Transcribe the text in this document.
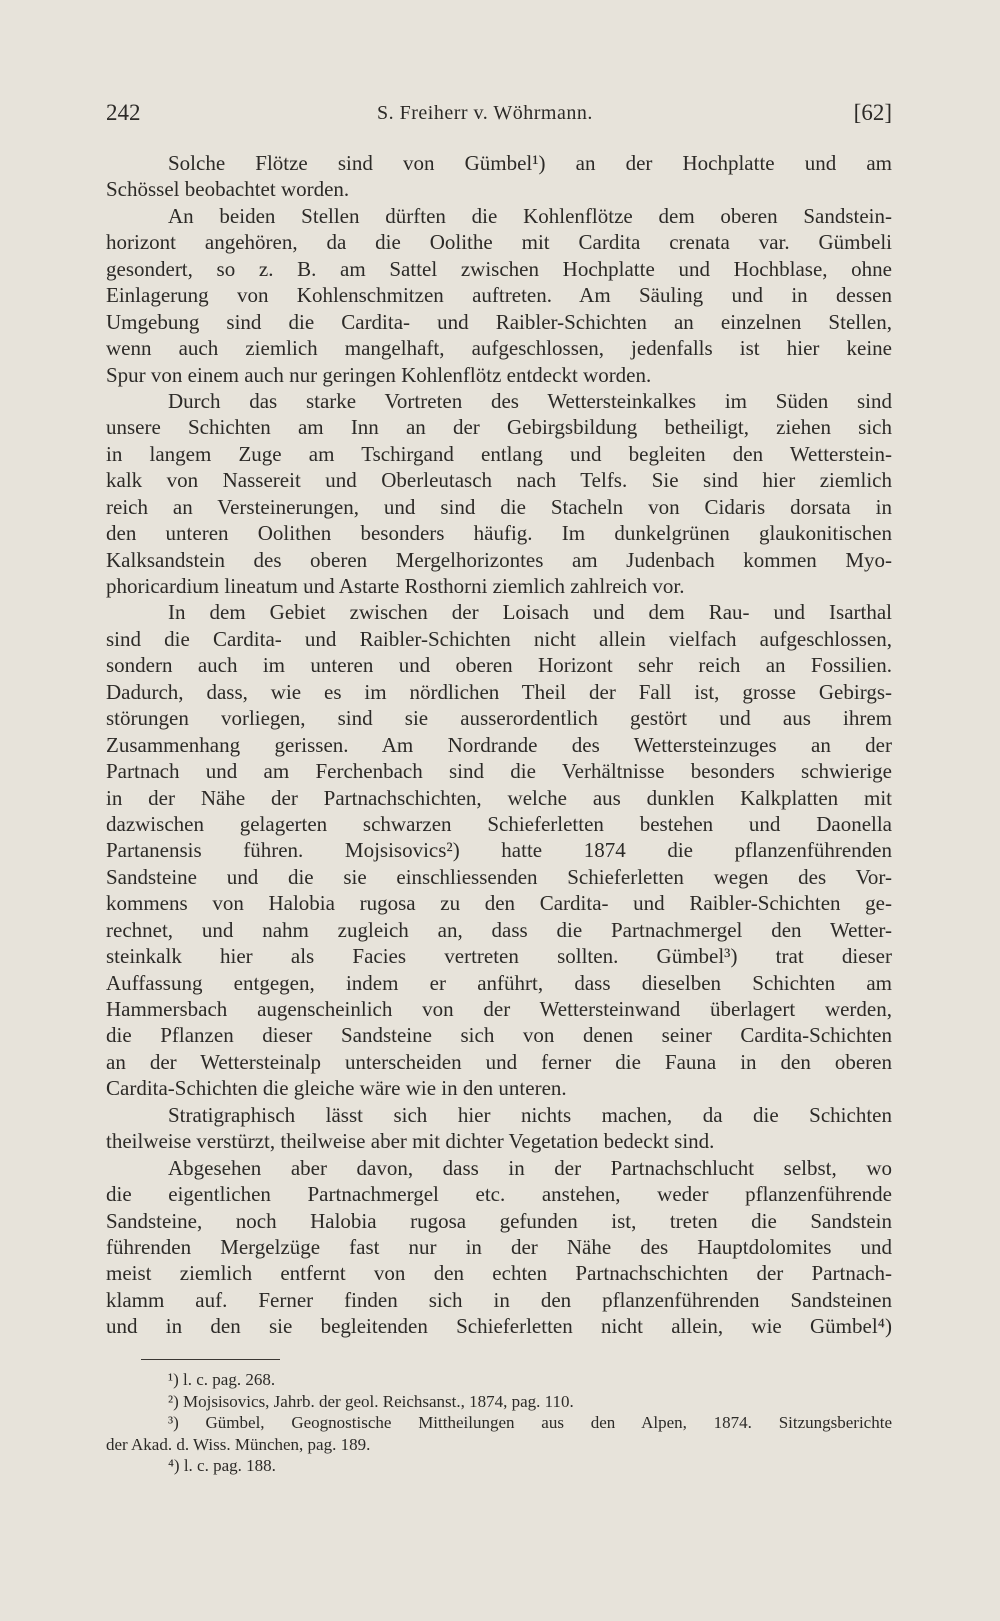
242	S. Freiherr v. Wöhrmann.	[62]
Solche Flötze sind von Gümbel¹) an der Hochplatte und am
Schössel beobachtet worden.
An beiden Stellen dürften die Kohlenflötze dem oberen Sandstein-
horizont angehören, da die Oolithe mit Cardita crenata var. Gümbeli
gesondert, so z. B. am Sattel zwischen Hochplatte und Hochblase, ohne
Einlagerung von Kohlenschmitzen auftreten. Am Säuling und in dessen
Umgebung sind die Cardita- und Raibler-Schichten an einzelnen Stellen,
wenn auch ziemlich mangelhaft, aufgeschlossen, jedenfalls ist hier keine
Spur von einem auch nur geringen Kohlenflötz entdeckt worden.
Durch das starke Vortreten des Wettersteinkalkes im Süden sind
unsere Schichten am Inn an der Gebirgsbildung betheiligt, ziehen sich
in langem Zuge am Tschirgand entlang und begleiten den Wetterstein-
kalk von Nassereit und Oberleutasch nach Telfs. Sie sind hier ziemlich
reich an Versteinerungen, und sind die Stacheln von Cidaris dorsata in
den unteren Oolithen besonders häufig. Im dunkelgrünen glaukonitischen
Kalksandstein des oberen Mergelhorizontes am Judenbach kommen Myo-
phoricardium lineatum und Astarte Rosthorni ziemlich zahlreich vor.
In dem Gebiet zwischen der Loisach und dem Rau- und Isarthal
sind die Cardita- und Raibler-Schichten nicht allein vielfach aufgeschlossen,
sondern auch im unteren und oberen Horizont sehr reich an Fossilien.
Dadurch, dass, wie es im nördlichen Theil der Fall ist, grosse Gebirgs-
störungen vorliegen, sind sie ausserordentlich gestört und aus ihrem
Zusammenhang gerissen. Am Nordrande des Wettersteinzuges an der
Partnach und am Ferchenbach sind die Verhältnisse besonders schwierige
in der Nähe der Partnachschichten, welche aus dunklen Kalkplatten mit
dazwischen gelagerten schwarzen Schieferletten bestehen und Daonella
Partanensis führen. Mojsisovics²) hatte 1874 die pflanzenführenden
Sandsteine und die sie einschliessenden Schieferletten wegen des Vor-
kommens von Halobia rugosa zu den Cardita- und Raibler-Schichten ge-
rechnet, und nahm zugleich an, dass die Partnachmergel den Wetter-
steinkalk hier als Facies vertreten sollten. Gümbel³) trat dieser
Auffassung entgegen, indem er anführt, dass dieselben Schichten am
Hammersbach augenscheinlich von der Wettersteinwand überlagert werden,
die Pflanzen dieser Sandsteine sich von denen seiner Cardita-Schichten
an der Wettersteinalp unterscheiden und ferner die Fauna in den oberen
Cardita-Schichten die gleiche wäre wie in den unteren.
Stratigraphisch lässt sich hier nichts machen, da die Schichten
theilweise verstürzt, theilweise aber mit dichter Vegetation bedeckt sind.
Abgesehen aber davon, dass in der Partnachschlucht selbst, wo
die eigentlichen Partnachmergel etc. anstehen, weder pflanzenführende
Sandsteine, noch Halobia rugosa gefunden ist, treten die Sandstein
führenden Mergelzüge fast nur in der Nähe des Hauptdolomites und
meist ziemlich entfernt von den echten Partnachschichten der Partnach-
klamm auf. Ferner finden sich in den pflanzenführenden Sandsteinen
und in den sie begleitenden Schieferletten nicht allein, wie Gümbel⁴)
¹) l. c. pag. 268.
²) Mojsisovics, Jahrb. der geol. Reichsanst., 1874, pag. 110.
³) Gümbel, Geognostische Mittheilungen aus den Alpen, 1874. Sitzungsberichte
der Akad. d. Wiss. München, pag. 189.
⁴) l. c. pag. 188.
